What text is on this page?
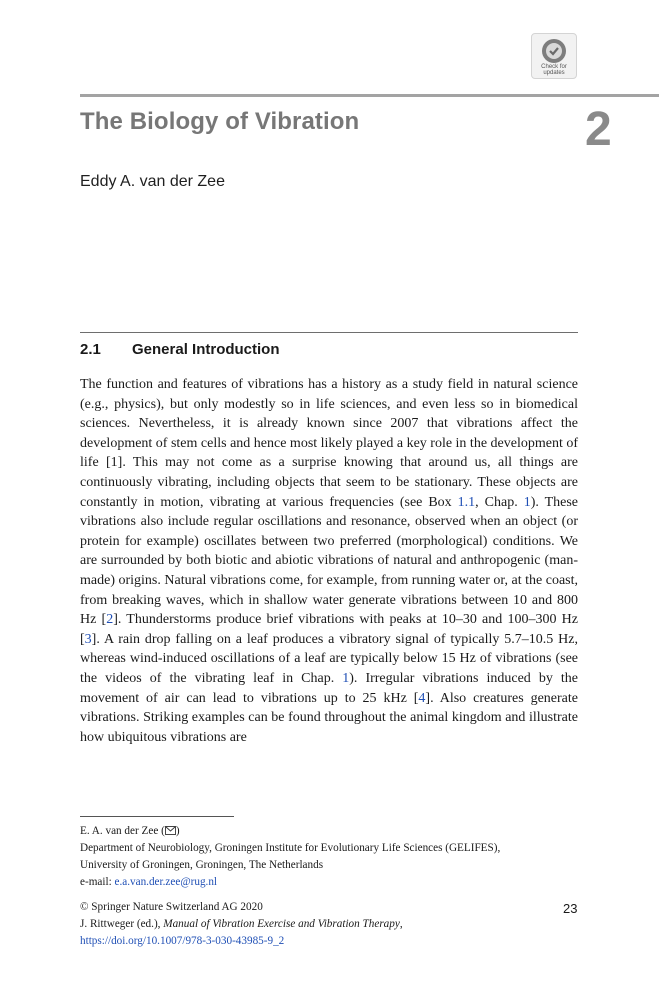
Check for
updates
The Biology of Vibration	2
Eddy A. van der Zee
2.1 General Introduction
The function and features of vibrations has a history as a study field in natural science (e.g., physics), but only modestly so in life sciences, and even less so in biomedical sciences. Nevertheless, it is already known since 2007 that vibrations affect the development of stem cells and hence most likely played a key role in the development of life [1]. This may not come as a surprise knowing that around us, all things are continuously vibrating, including objects that seem to be stationary. These objects are constantly in motion, vibrating at various frequencies (see Box 1.1, Chap. 1). These vibrations also include regular oscillations and resonance, observed when an object (or protein for example) oscillates between two preferred (morphological) conditions. We are surrounded by both biotic and abiotic vibrations of natural and anthropogenic (man-made) origins. Natural vibrations come, for example, from running water or, at the coast, from breaking waves, which in shallow water generate vibrations between 10 and 800 Hz [2]. Thunderstorms produce brief vibrations with peaks at 10–30 and 100–300 Hz [3]. A rain drop falling on a leaf produces a vibratory signal of typically 5.7–10.5 Hz, whereas wind-induced oscillations of a leaf are typically below 15 Hz of vibrations (see the videos of the vibrating leaf in Chap. 1). Irregular vibrations induced by the movement of air can lead to vibrations up to 25 kHz [4]. Also creatures generate vibrations. Striking examples can be found throughout the animal kingdom and illustrate how ubiquitous vibrations are
E. A. van der Zee ( )
Department of Neurobiology, Groningen Institute for Evolutionary Life Sciences (GELIFES),
University of Groningen, Groningen, The Netherlands
e-mail: e.a.van.der.zee@rug.nl
© Springer Nature Switzerland AG 2020
J. Rittweger (ed.), Manual of Vibration Exercise and Vibration Therapy,
https://doi.org/10.1007/978-3-030-43985-9_2
23
